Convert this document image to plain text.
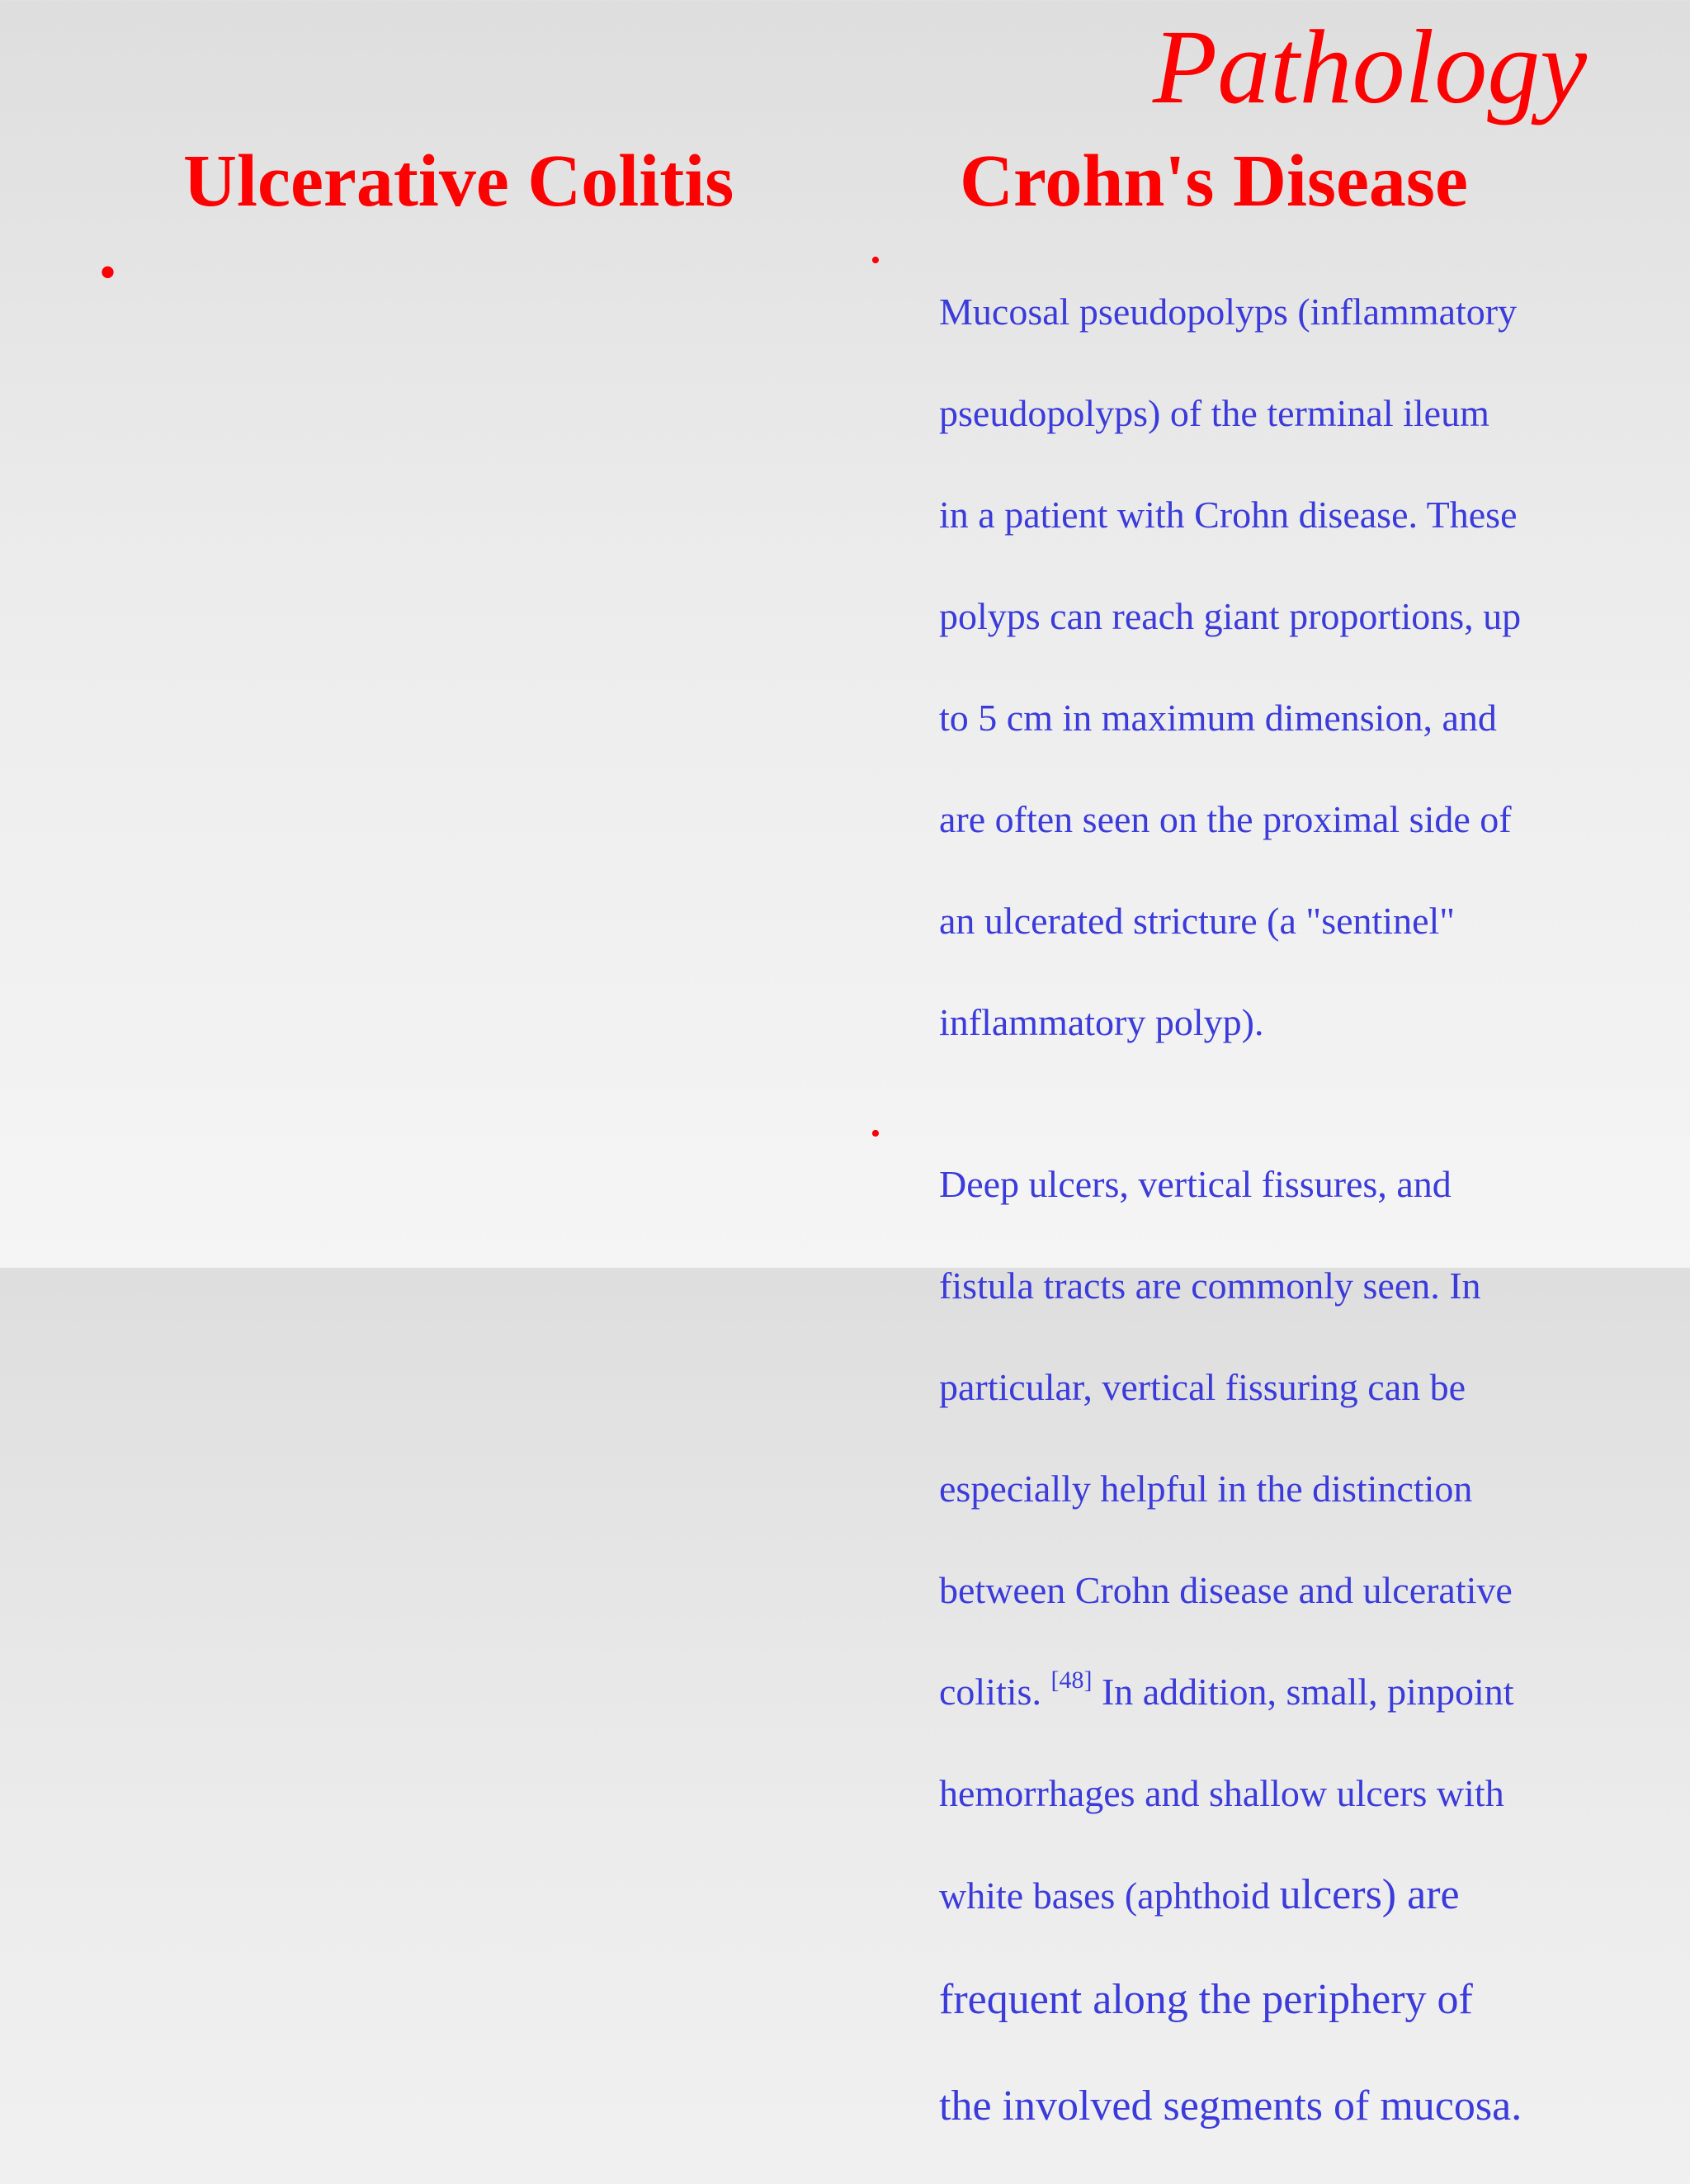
Pathology
Ulcerative Colitis	Crohn's Disease
•	•

Mucosal pseudopolyps (inflammatory

pseudopolyps) of the terminal ileum

in a patient with Crohn disease. These

polyps can reach giant proportions, up

to 5 cm in maximum dimension, and

are often seen on the proximal side of

an ulcerated stricture (a "sentinel"

inflammatory polyp).

•

Deep ulcers, vertical fissures, and

fistula tracts are commonly seen. In

particular, vertical fissuring can be

especially helpful in the distinction

between Crohn disease and ulcerative

colitis. [48] In addition, small, pinpoint

hemorrhages and shallow ulcers with

white bases (aphthoid ulcers) are

frequent along the periphery of

the involved segments of mucosa.
